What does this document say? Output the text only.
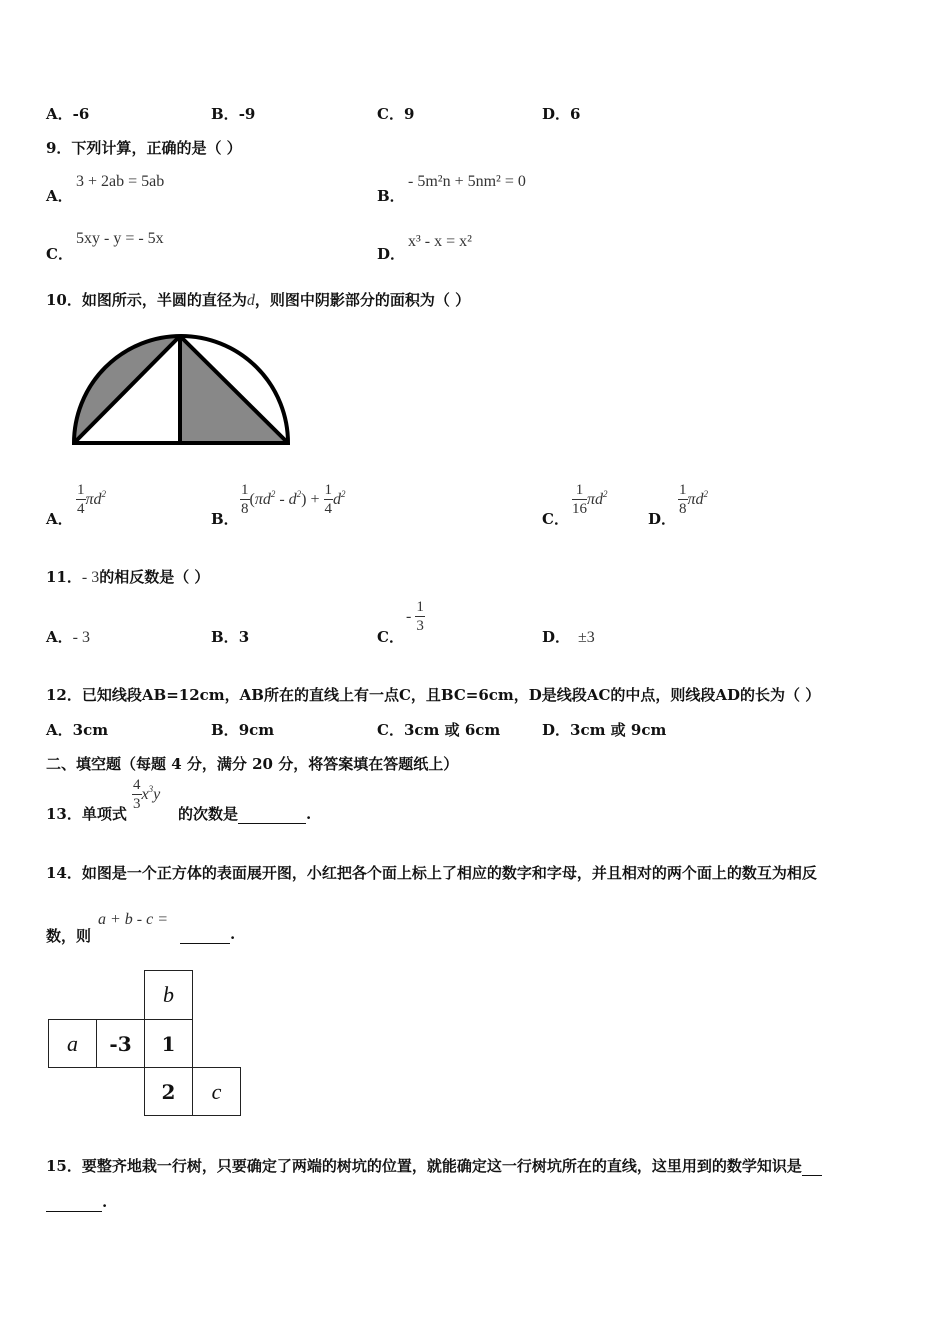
A．-6	B．-9	C．9	D．6
9．下列计算，正确的是（ ）
A．
3 + 2ab = 5ab
B．
- 5m²n + 5nm² = 0
C．
5xy - y = - 5x
D．
x³ - x = x²
10．如图所示，半圆的直径为d，则图中阴影部分的面积为（ ）
A．
$\frac{1}{4} \pi d^2$
B．
$\frac{1}{8} (\pi d^2 - d^2) + \frac{1}{4} d^2$
C．
$\frac{1}{16} \pi d^2$
D．
$\frac{1}{8} \pi d^2$
11．- 3的相反数是（ ）
A．- 3	B．3	C．
- $\frac{1}{3}$
D． ±3
12．已知线段AB=12cm，AB所在的直线上有一点C，且BC=6cm，D是线段AC的中点，则线段AD的长为（ ）
A．3cm	B．9cm	C．3cm 或 6cm	D．3cm 或 9cm
二、填空题（每题 4 分，满分 20 分，将答案填在答题纸上）
13．单项式
$\frac{4}{3} x^3y$
的次数是	.
14．如图是一个正方体的表面展开图，小红把各个面上标上了相应的数字和字母，并且相对的两个面上的数互为相反
数，则
a + b - c =
.
b
a -3 1
2 c
15．要整齐地栽一行树，只要确定了两端的树坑的位置，就能确定这一行树坑所在的直线，这里用到的数学知识是
.
